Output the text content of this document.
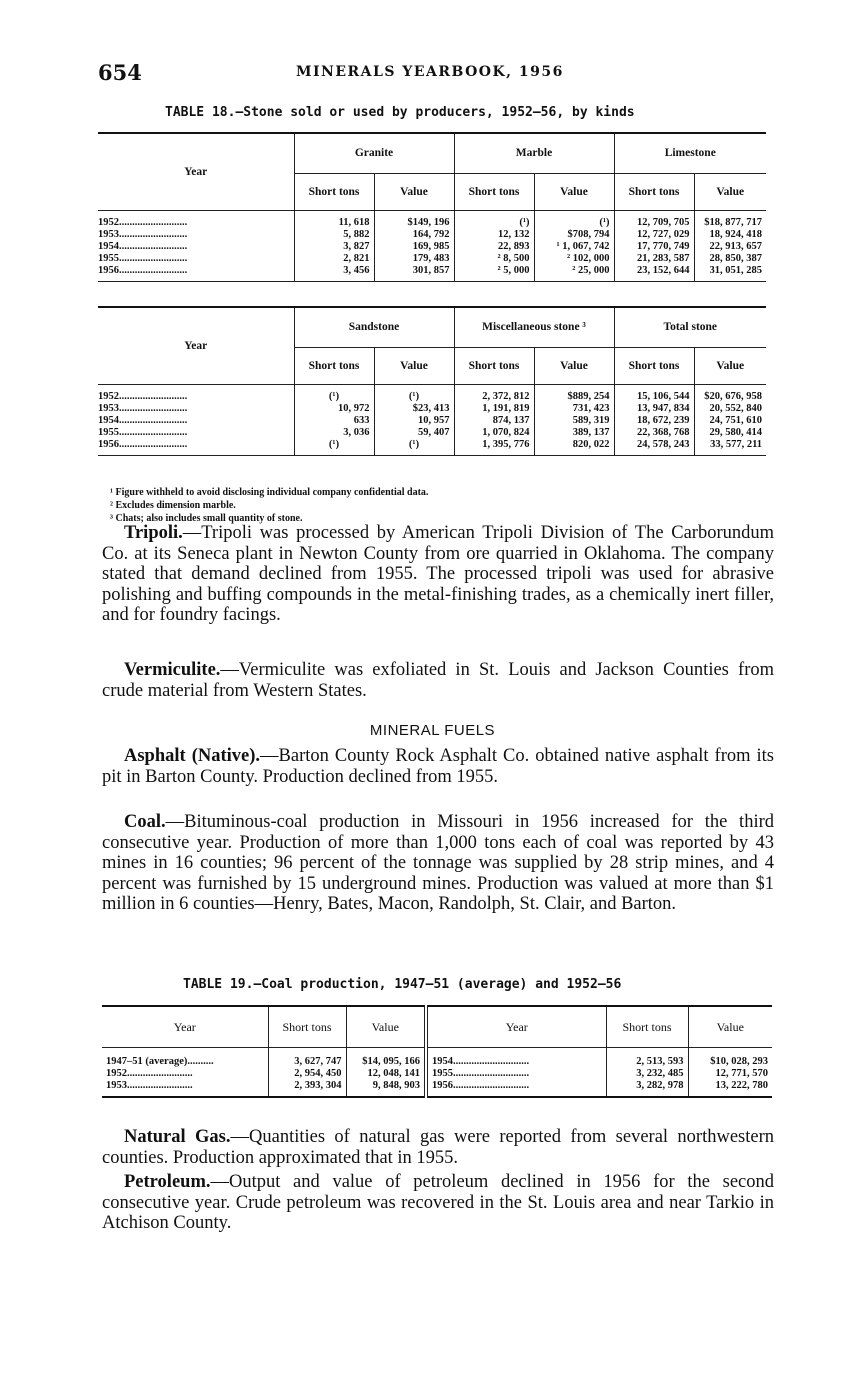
654	MINERALS YEARBOOK, 1956
TABLE 18.—Stone sold or used by producers, 1952–56, by kinds
Year	Granite		Marble		Limestone	
	Short tons	Value	Short tons	Value	Short tons	Value

1952..........................	11, 618	$149, 196	(¹)	(¹)	12, 709, 705	$18, 877, 717
1953..........................	5, 882	164, 792	12, 132	$708, 794	12, 727, 029	18, 924, 418
1954..........................	3, 827	169, 985	22, 893	¹ 1, 067, 742	17, 770, 749	22, 913, 657
1955..........................	2, 821	179, 483	² 8, 500	² 102, 000	21, 283, 587	28, 850, 387
1956..........................	3, 456	301, 857	² 5, 000	² 25, 000	23, 152, 644	31, 051, 285
Year	Sandstone		Miscellaneous stone ³		Total stone	
	Short tons	Value	Short tons	Value	Short tons	Value

1952..........................	(¹)	(¹)	2, 372, 812	$889, 254	15, 106, 544	$20, 676, 958
1953..........................	10, 972	$23, 413	1, 191, 819	731, 423	13, 947, 834	20, 552, 840
1954..........................	633	10, 957	874, 137	589, 319	18, 672, 239	24, 751, 610
1955..........................	3, 036	59, 407	1, 070, 824	389, 137	22, 368, 768	29, 580, 414
1956..........................	(¹)	(¹)	1, 395, 776	820, 022	24, 578, 243	33, 577, 211
¹ Figure withheld to avoid disclosing individual company confidential data.
² Excludes dimension marble.
³ Chats; also includes small quantity of stone.

Tripoli.—Tripoli was processed by American Tripoli Division of The Carborundum Co. at its Seneca plant in Newton County from ore quarried in Oklahoma. The company stated that demand declined from 1955. The processed tripoli was used for abrasive polishing and buffing compounds in the metal-finishing trades, as a chemically inert filler, and for foundry facings.

Vermiculite.—Vermiculite was exfoliated in St. Louis and Jackson Counties from crude material from Western States.

MINERAL FUELS

Asphalt (Native).—Barton County Rock Asphalt Co. obtained native asphalt from its pit in Barton County. Production declined from 1955.

Coal.—Bituminous-coal production in Missouri in 1956 increased for the third consecutive year. Production of more than 1,000 tons each of coal was reported by 43 mines in 16 counties; 96 percent of the tonnage was supplied by 28 strip mines, and 4 percent was furnished by 15 underground mines. Production was valued at more than $1 million in 6 counties—Henry, Bates, Macon, Randolph, St. Clair, and Barton.

TABLE 19.—Coal production, 1947–51 (average) and 1952–56
Year	Short tons	Value	Year	Short tons	Value

1947–51 (average)..........	3, 627, 747	$14, 095, 166	1954.............................	2, 513, 593	$10, 028, 293
1952.........................	2, 954, 450	12, 048, 141	1955.............................	3, 232, 485	12, 771, 570
1953.........................	2, 393, 304	9, 848, 903	1956.............................	3, 282, 978	13, 222, 780

Natural Gas.—Quantities of natural gas were reported from several northwestern counties. Production approximated that in 1955.

Petroleum.—Output and value of petroleum declined in 1956 for the second consecutive year. Crude petroleum was recovered in the St. Louis area and near Tarkio in Atchison County.
